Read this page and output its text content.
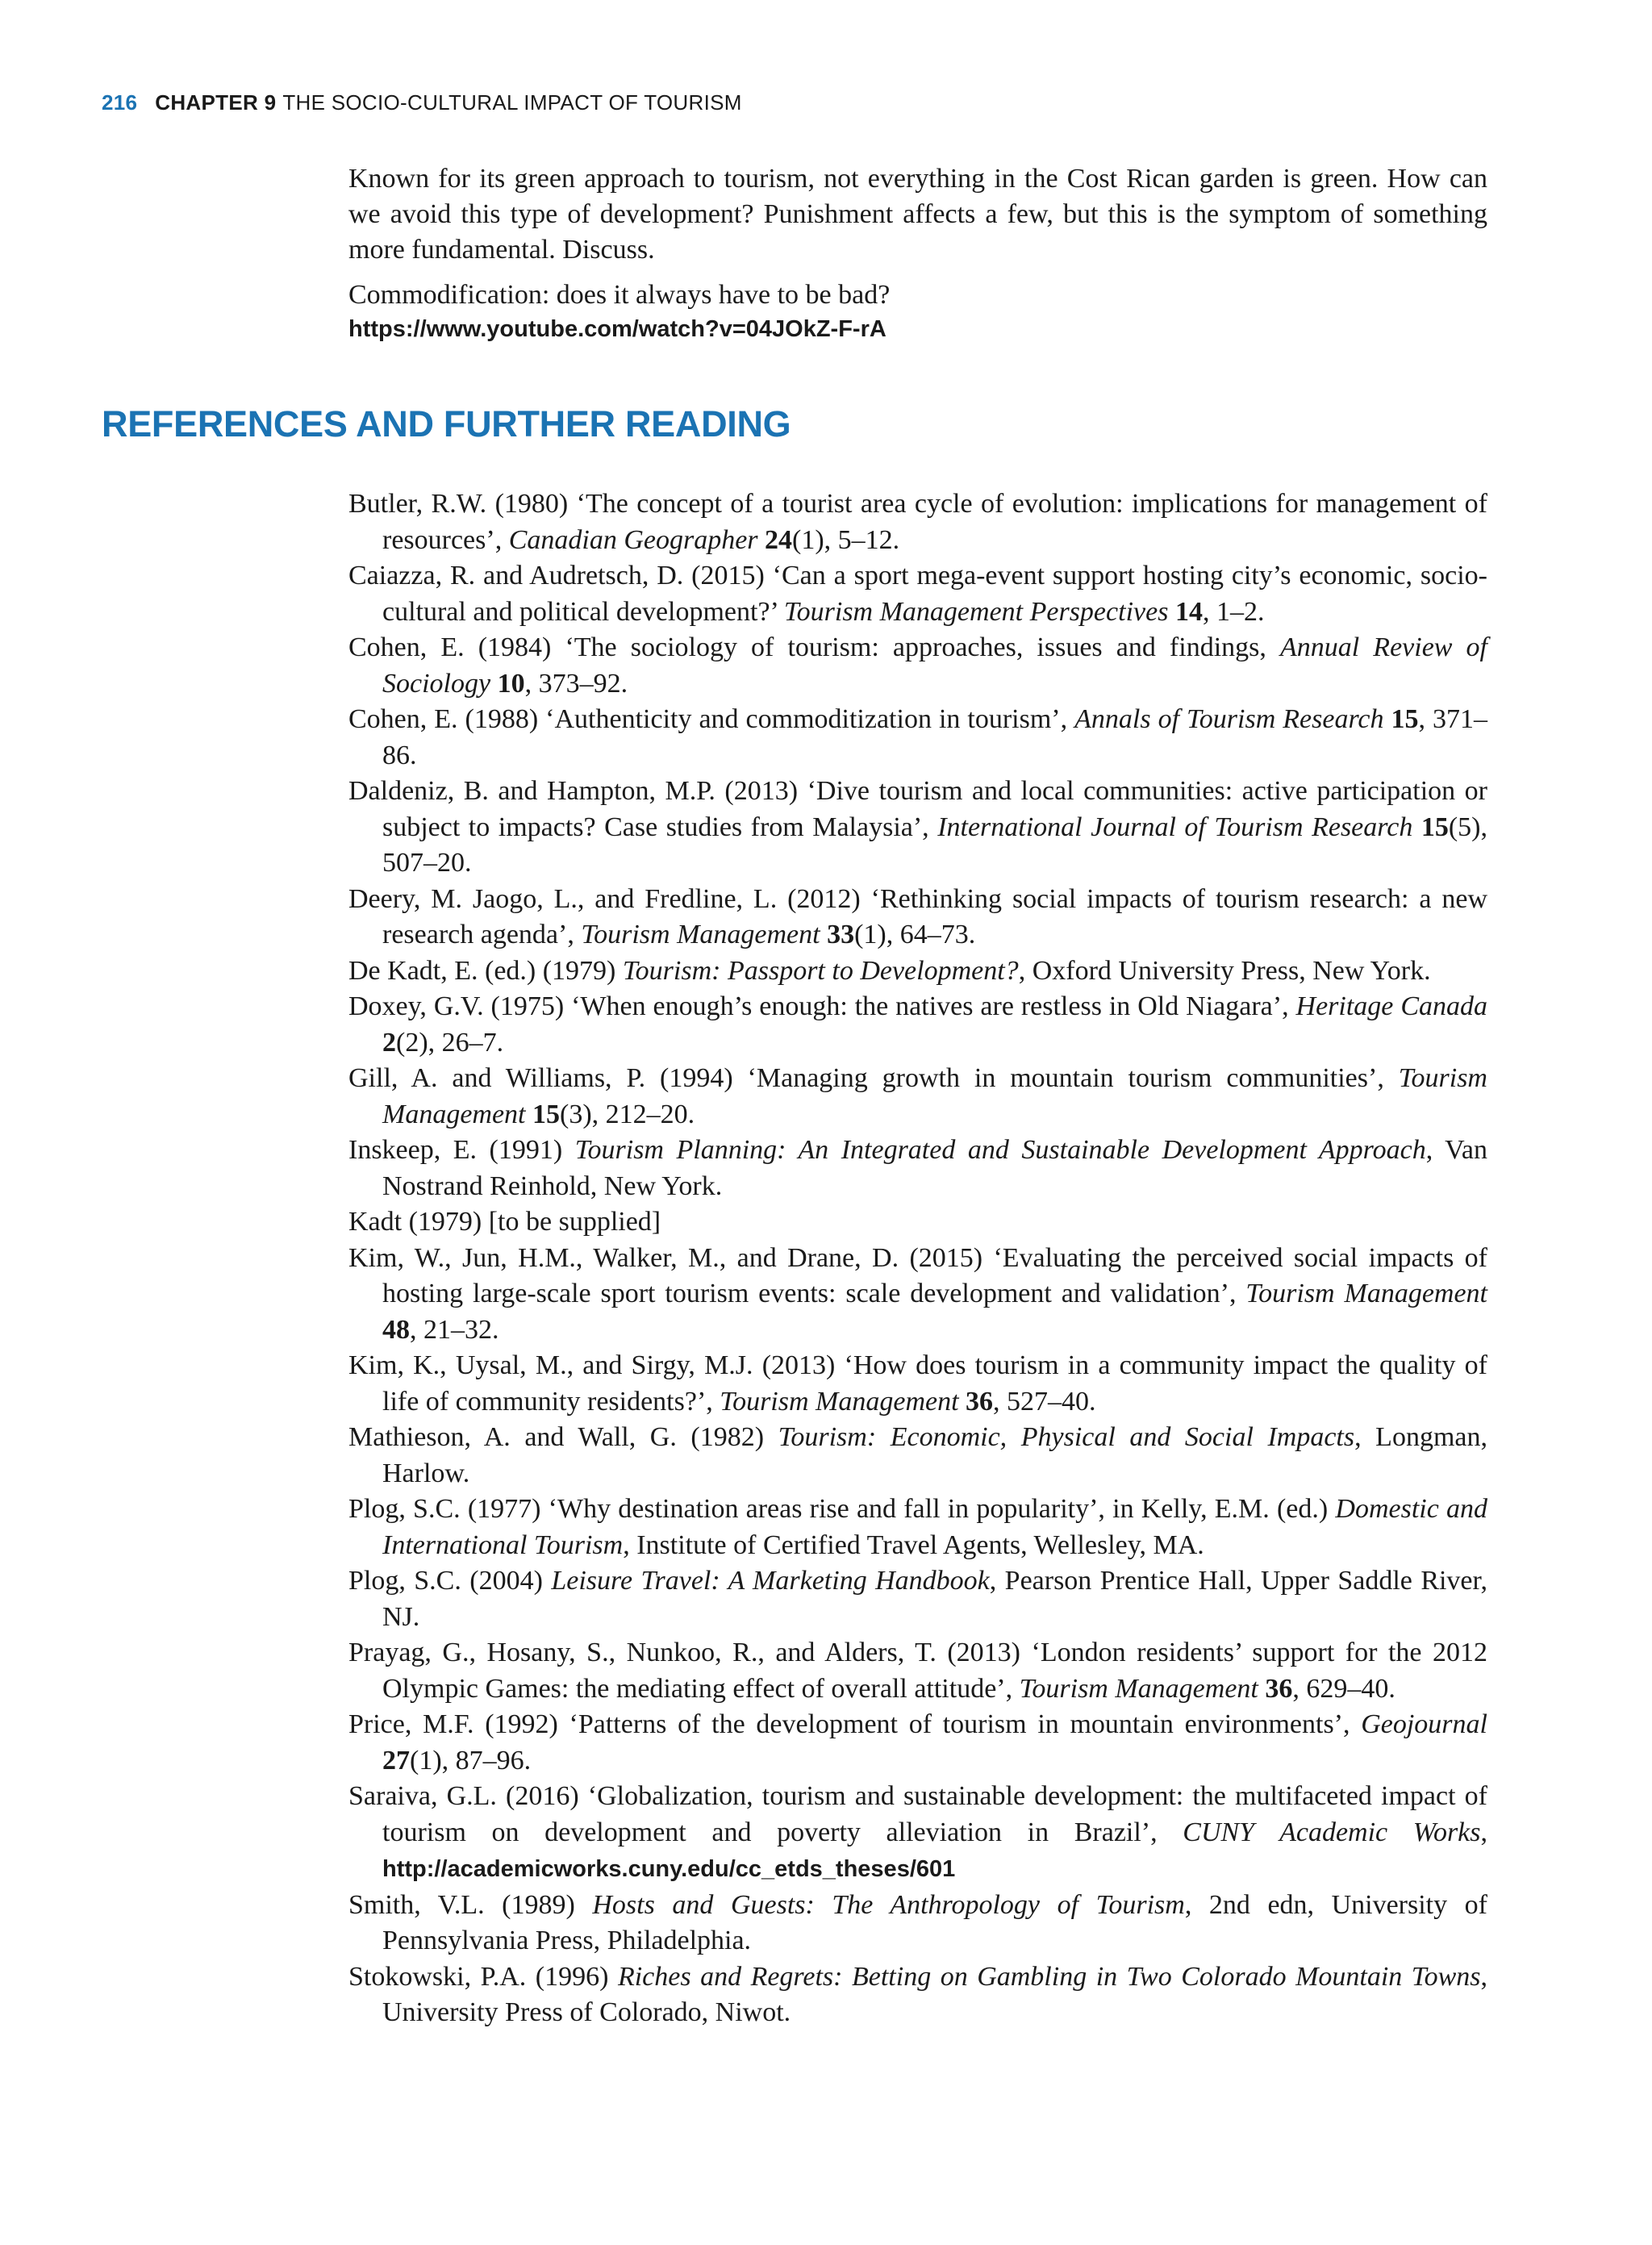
216 CHAPTER 9 THE SOCIO-CULTURAL IMPACT OF TOURISM

Known for its green approach to tourism, not everything in the Cost Rican garden is green. How can we avoid this type of development? Punishment affects a few, but this is the symptom of something more fundamental. Discuss.

Commodification: does it always have to be bad?
https://www.youtube.com/watch?v=04JOkZ-F-rA

REFERENCES AND FURTHER READING
Butler, R.W. (1980) ‘The concept of a tourist area cycle of evolution: implications for management of resources’, Canadian Geographer 24(1), 5–12.
Caiazza, R. and Audretsch, D. (2015) ‘Can a sport mega-event support hosting city’s economic, socio-cultural and political development?’ Tourism Management Perspectives 14, 1–2.
Cohen, E. (1984) ‘The sociology of tourism: approaches, issues and findings, Annual Review of Sociology 10, 373–92.
Cohen, E. (1988) ‘Authenticity and commoditization in tourism’, Annals of Tourism Research 15, 371–86.
Daldeniz, B. and Hampton, M.P. (2013) ‘Dive tourism and local communities: active participation or subject to impacts? Case studies from Malaysia’, International Journal of Tourism Research 15(5), 507–20.
Deery, M. Jaogo, L., and Fredline, L. (2012) ‘Rethinking social impacts of tourism research: a new research agenda’, Tourism Management 33(1), 64–73.
De Kadt, E. (ed.) (1979) Tourism: Passport to Development?, Oxford University Press, New York.
Doxey, G.V. (1975) ‘When enough’s enough: the natives are restless in Old Niagara’, Heritage Canada 2(2), 26–7.
Gill, A. and Williams, P. (1994) ‘Managing growth in mountain tourism communities’, Tourism Management 15(3), 212–20.
Inskeep, E. (1991) Tourism Planning: An Integrated and Sustainable Development Approach, Van Nostrand Reinhold, New York.
Kadt (1979) [to be supplied]
Kim, W., Jun, H.M., Walker, M., and Drane, D. (2015) ‘Evaluating the perceived social impacts of hosting large-scale sport tourism events: scale development and validation’, Tourism Management 48, 21–32.
Kim, K., Uysal, M., and Sirgy, M.J. (2013) ‘How does tourism in a community impact the quality of life of community residents?’, Tourism Management 36, 527–40.
Mathieson, A. and Wall, G. (1982) Tourism: Economic, Physical and Social Impacts, Longman, Harlow.
Plog, S.C. (1977) ‘Why destination areas rise and fall in popularity’, in Kelly, E.M. (ed.) Domestic and International Tourism, Institute of Certified Travel Agents, Wellesley, MA.
Plog, S.C. (2004) Leisure Travel: A Marketing Handbook, Pearson Prentice Hall, Upper Saddle River, NJ.
Prayag, G., Hosany, S., Nunkoo, R., and Alders, T. (2013) ‘London residents’ support for the 2012 Olympic Games: the mediating effect of overall attitude’, Tourism Management 36, 629–40.
Price, M.F. (1992) ‘Patterns of the development of tourism in mountain environments’, Geojournal 27(1), 87–96.
Saraiva, G.L. (2016) ‘Globalization, tourism and sustainable development: the multifaceted impact of tourism on development and poverty alleviation in Brazil’, CUNY Academic Works, http://academicworks.cuny.edu/cc_etds_theses/601
Smith, V.L. (1989) Hosts and Guests: The Anthropology of Tourism, 2nd edn, University of Pennsylvania Press, Philadelphia.
Stokowski, P.A. (1996) Riches and Regrets: Betting on Gambling in Two Colorado Mountain Towns, University Press of Colorado, Niwot.
